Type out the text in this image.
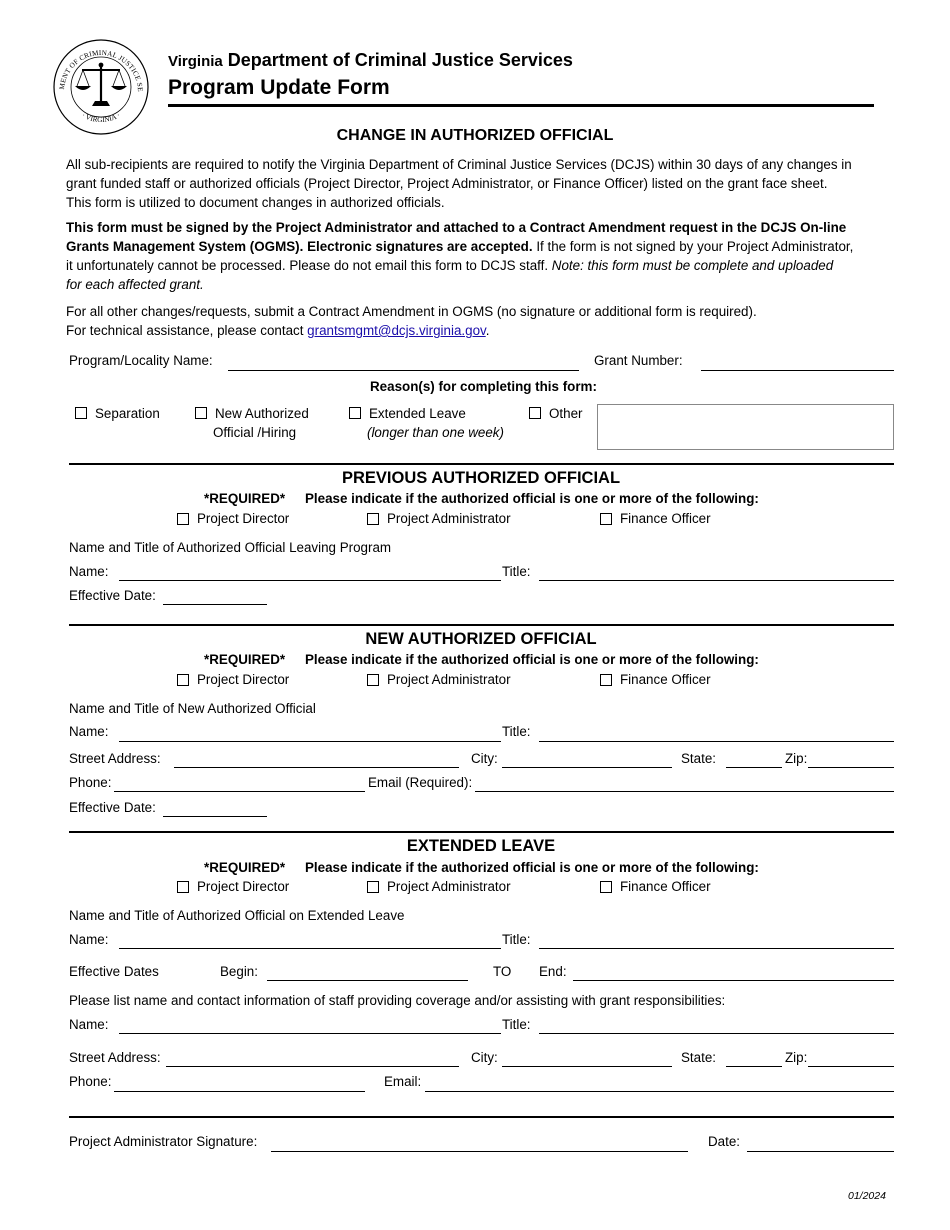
MENT OF CRIMINAL JUSTICE SE
· VIRGINIA ·
Virginia Department of Criminal Justice Services
Program Update Form
CHANGE IN AUTHORIZED OFFICIAL
All sub-recipients are required to notify the Virginia Department of Criminal Justice Services (DCJS) within 30 days of any changes in
grant funded staff or authorized officials (Project Director, Project Administrator, or Finance Officer) listed on the grant face sheet.
This form is utilized to document changes in authorized officials.
This form must be signed by the Project Administrator and attached to a Contract Amendment request in the DCJS On-line
Grants Management System (OGMS). Electronic signatures are accepted. If the form is not signed by your Project Administrator,
it unfortunately cannot be processed. Please do not email this form to DCJS staff. Note: this form must be complete and uploaded
for each affected grant.
For all other changes/requests, submit a Contract Amendment in OGMS (no signature or additional form is required).
For technical assistance, please contact grantsmgmt@dcjs.virginia.gov.
Program/Locality Name:	Grant Number:
Reason(s) for completing this form:
Separation	New Authorized
Official /Hiring
Extended Leave
(longer than one week)
Other
PREVIOUS AUTHORIZED OFFICIAL
*REQUIRED* Please indicate if the authorized official is one or more of the following:
Project Director	Project Administrator	Finance Officer
Name and Title of Authorized Official Leaving Program
Name:	Title:
Effective Date:
NEW AUTHORIZED OFFICIAL
*REQUIRED* Please indicate if the authorized official is one or more of the following:
Project Director	Project Administrator	Finance Officer
Name and Title of New Authorized Official
Name:	Title:
Street Address:	City:	State:	Zip:
Phone:	Email (Required):
Effective Date:
EXTENDED LEAVE
*REQUIRED* Please indicate if the authorized official is one or more of the following:
Project Director	Project Administrator	Finance Officer
Name and Title of Authorized Official on Extended Leave
Name:	Title:
Effective Dates	Begin:	TO End:
Please list name and contact information of staff providing coverage and/or assisting with grant responsibilities:
Name:	Title:
Street Address:	City:	State:	Zip:
Phone:	Email:
Project Administrator Signature:	Date:
01/2024
